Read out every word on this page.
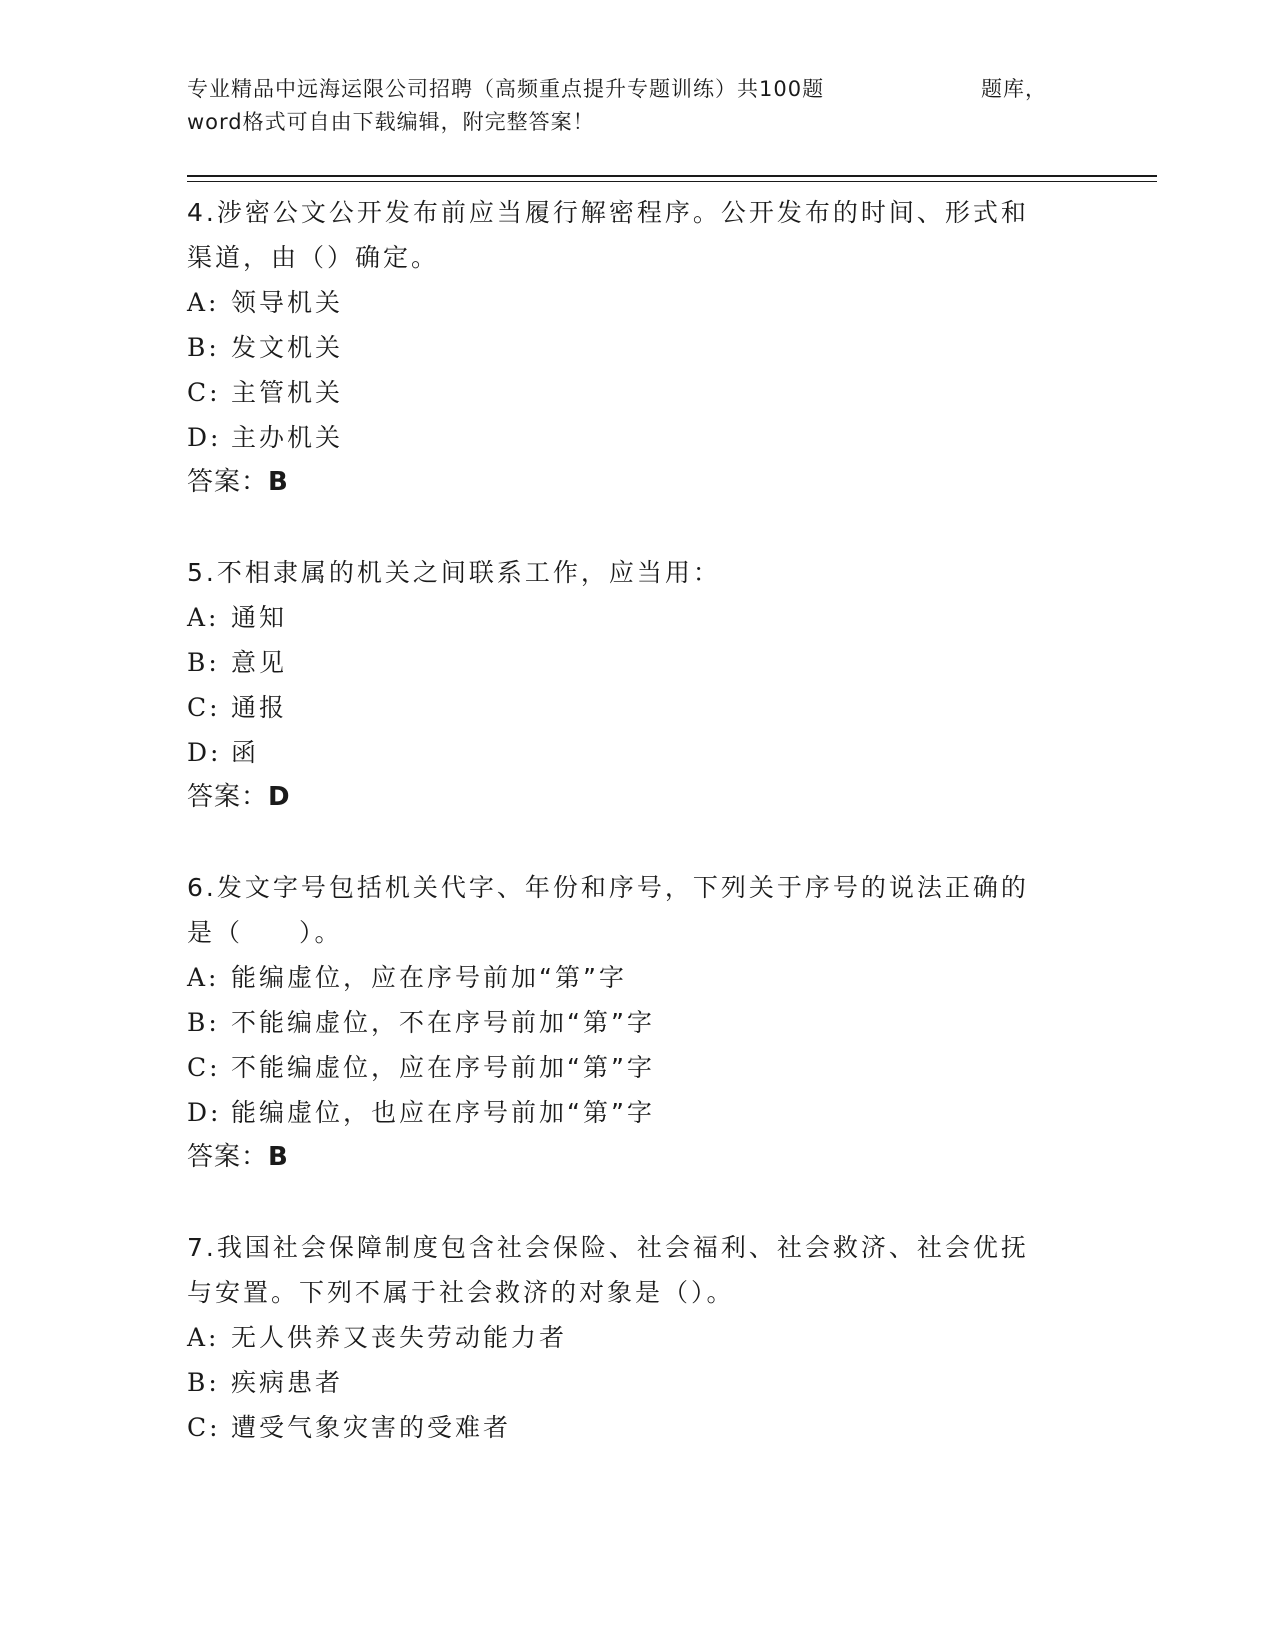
专业精品中远海运限公司招聘（高频重点提升专题训练）共100题	题库，
word格式可自由下载编辑，附完整答案！

4.涉密公文公开发布前应当履行解密程序。公开发布的时间、形式和

渠道，由（）确定。

A: 领导机关

B: 发文机关

C: 主管机关

D: 主办机关

答案：B

5.不相隶属的机关之间联系工作，应当用：

A: 通知

B: 意见

C: 通报

D: 函

答案：D

6.发文字号包括机关代字、年份和序号，下列关于序号的说法正确的

是（　　）。

A: 能编虚位，应在序号前加“第”字

B: 不能编虚位，不在序号前加“第”字

C: 不能编虚位，应在序号前加“第”字

D: 能编虚位，也应在序号前加“第”字

答案：B

7.我国社会保障制度包含社会保险、社会福利、社会救济、社会优抚

与安置。下列不属于社会救济的对象是（）。

A: 无人供养又丧失劳动能力者

B: 疾病患者

C: 遭受气象灾害的受难者
